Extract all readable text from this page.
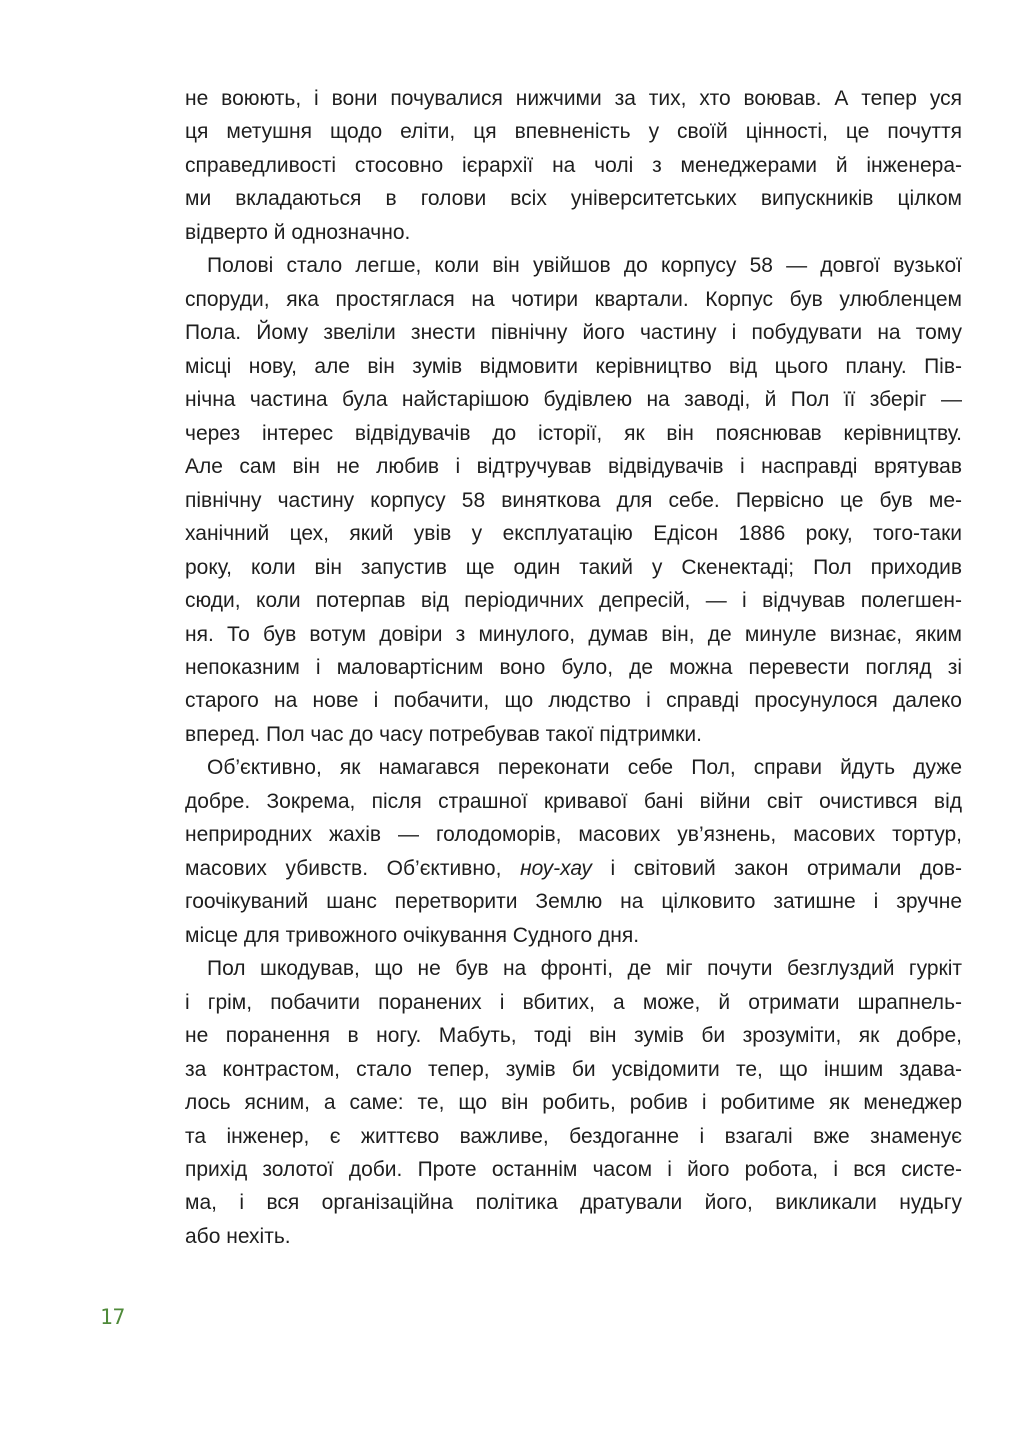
не воюють, і вони почувалися нижчими за тих, хто воював. А тепер уся
ця метушня щодо еліти, ця впевненість у своїй цінності, це почуття
справедливості стосовно ієрархії на чолі з менеджерами й інженера-
ми вкладаються в голови всіх університетських випускників цілком
відверто й однозначно.
Полові стало легше, коли він увійшов до корпусу 58 — довгої вузької
споруди, яка простяглася на чотири квартали. Корпус був улюбленцем
Пола. Йому звеліли знести північну його частину і побудувати на тому
місці нову, але він зумів відмовити керівництво від цього плану. Пів-
нічна частина була найстарішою будівлею на заводі, й Пол її зберіг —
через інтерес відвідувачів до історії, як він пояснював керівництву.
Але сам він не любив і відтручував відвідувачів і насправді врятував
північну частину корпусу 58 виняткова для себе. Первісно це був ме-
ханічний цех, який увів у експлуатацію Едісон 1886 року, того-таки
року, коли він запустив ще один такий у Скенектаді; Пол приходив
сюди, коли потерпав від періодичних депресій, — і відчував полегшен-
ня. То був вотум довіри з минулого, думав він, де минуле визнає, яким
непоказним і маловартісним воно було, де можна перевести погляд зі
старого на нове і побачити, що людство і справді просунулося далеко
вперед. Пол час до часу потребував такої підтримки.
Об’єктивно, як намагався переконати себе Пол, справи йдуть дуже
добре. Зокрема, після страшної кривавої бані війни світ очистився від
неприродних жахів — голодоморів, масових ув’язнень, масових тортур,
масових убивств. Об’єктивно, ноу-хау і світовий закон отримали дов-
гоочікуваний шанс перетворити Землю на цілковито затишне і зручне
місце для тривожного очікування Судного дня.
Пол шкодував, що не був на фронті, де міг почути безглуздий гуркіт
і грім, побачити поранених і вбитих, а може, й отримати шрапнель-
не поранення в ногу. Мабуть, тоді він зумів би зрозуміти, як добре,
за контрастом, стало тепер, зумів би усвідомити те, що іншим здава-
лось ясним, а саме: те, що він робить, робив і робитиме як менеджер
та інженер, є життєво важливе, бездоганне і взагалі вже знаменує
прихід золотої доби. Проте останнім часом і його робота, і вся систе-
ма, і вся організаційна політика дратували його, викликали нудьгу
або нехіть.
17
